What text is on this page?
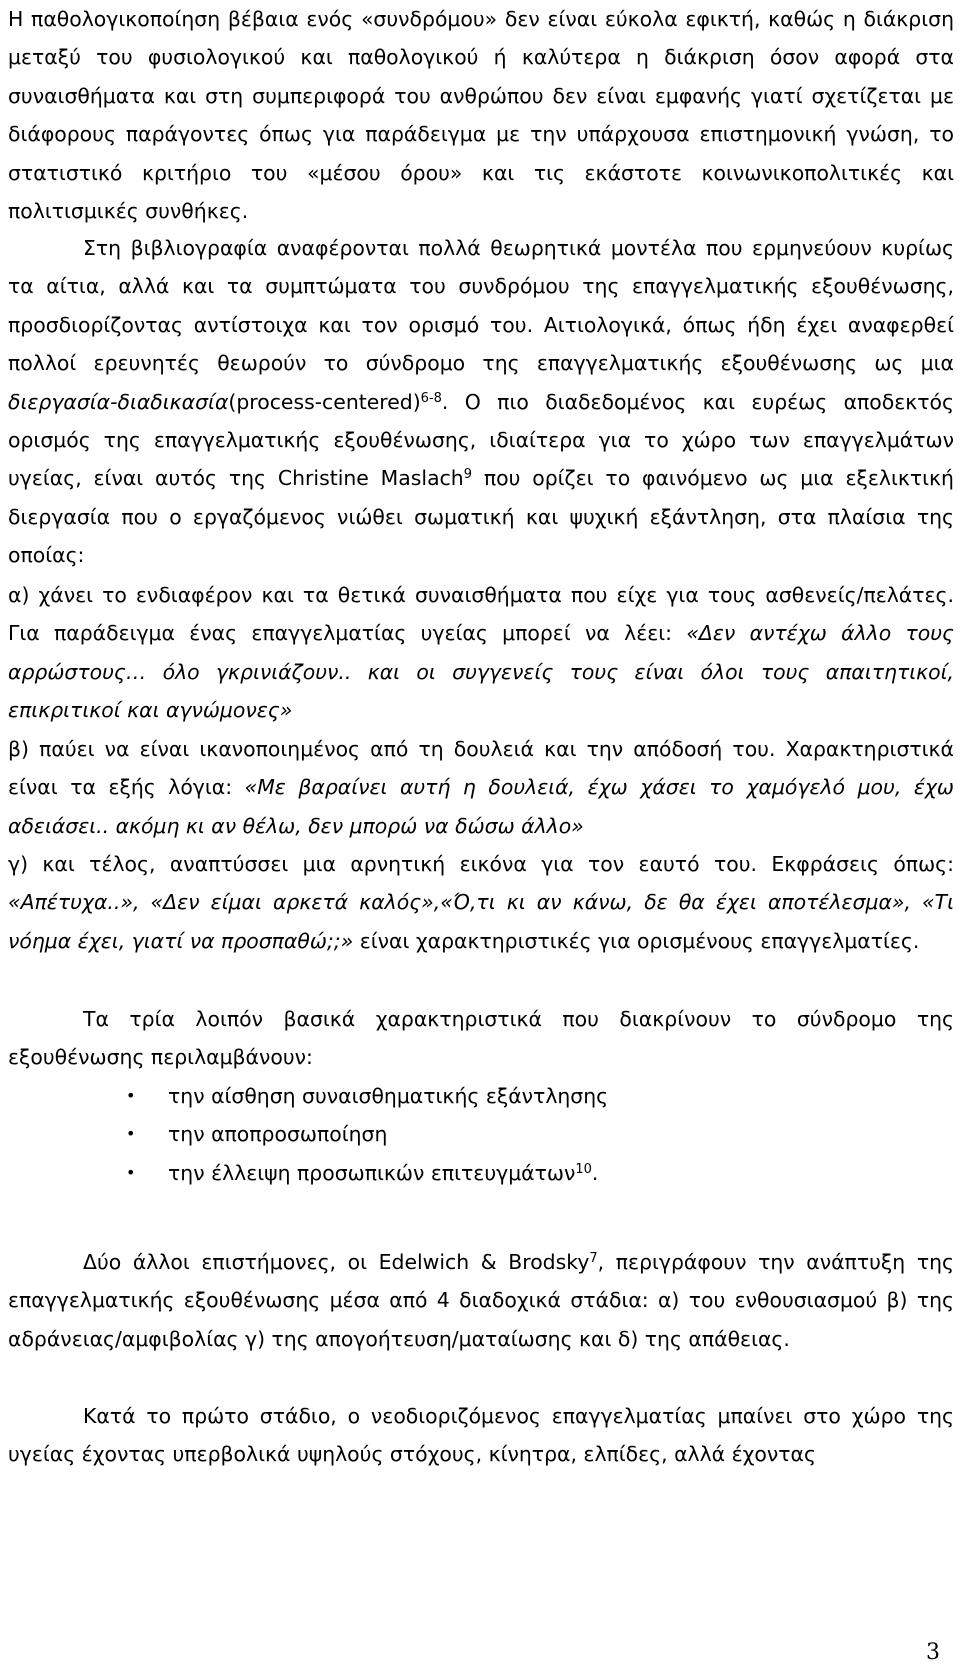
Η παθολογικοποίηση βέβαια ενός «συνδρόμου» δεν είναι εύκολα εφικτή, καθώς η διάκριση μεταξύ του φυσιολογικού και παθολογικού ή καλύτερα η διάκριση όσον αφορά στα συναισθήματα και στη συμπεριφορά του ανθρώπου δεν είναι εμφανής γιατί σχετίζεται με διάφορους παράγοντες όπως για παράδειγμα με την υπάρχουσα επιστημονική γνώση, το στατιστικό κριτήριο του «μέσου όρου» και τις εκάστοτε κοινωνικοπολιτικές και πολιτισμικές συνθήκες.

Στη βιβλιογραφία αναφέρονται πολλά θεωρητικά μοντέλα που ερμηνεύουν κυρίως τα αίτια, αλλά και τα συμπτώματα του συνδρόμου της επαγγελματικής εξουθένωσης, προσδιορίζοντας αντίστοιχα και τον ορισμό του. Αιτιολογικά, όπως ήδη έχει αναφερθεί πολλοί ερευνητές θεωρούν το σύνδρομο της επαγγελματικής εξουθένωσης ως μια διεργασία-διαδικασία(process-centered)$^{6-8}$. Ο πιο διαδεδομένος και ευρέως αποδεκτός ορισμός της επαγγελματικής εξουθένωσης, ιδιαίτερα για το χώρο των επαγγελμάτων υγείας, είναι αυτός της Christine Maslach$^9$ που ορίζει το φαινόμενο ως μια εξελικτική διεργασία που ο εργαζόμενος νιώθει σωματική και ψυχική εξάντληση, στα πλαίσια της οποίας:

α) χάνει το ενδιαφέρον και τα θετικά συναισθήματα που είχε για τους ασθενείς/πελάτες. Για παράδειγμα ένας επαγγελματίας υγείας μπορεί να λέει: «Δεν αντέχω άλλο τους αρρώστους… όλο γκρινιάζουν.. και οι συγγενείς τους είναι όλοι τους απαιτητικοί, επικριτικοί και αγνώμονες»

β) παύει να είναι ικανοποιημένος από τη δουλειά και την απόδοσή του. Χαρακτηριστικά είναι τα εξής λόγια: «Με βαραίνει αυτή η δουλειά, έχω χάσει το χαμόγελό μου, έχω αδειάσει.. ακόμη κι αν θέλω, δεν μπορώ να δώσω άλλο»

γ) και τέλος, αναπτύσσει μια αρνητική εικόνα για τον εαυτό του. Εκφράσεις όπως: «Απέτυχα..», «Δεν είμαι αρκετά καλός»,«Ό,τι κι αν κάνω, δε θα έχει αποτέλεσμα», «Τι νόημα έχει, γιατί να προσπαθώ;;» είναι χαρακτηριστικές για ορισμένους επαγγελματίες.

Τα τρία λοιπόν βασικά χαρακτηριστικά που διακρίνουν το σύνδρομο της εξουθένωσης περιλαμβάνουν:

• την αίσθηση συναισθηματικής εξάντλησης
• την αποπροσωποίηση
• την έλλειψη προσωπικών επιτευγμάτων$^{10}$.

Δύο άλλοι επιστήμονες, οι Edelwich & Brodsky$^7$, περιγράφουν την ανάπτυξη της επαγγελματικής εξουθένωσης μέσα από 4 διαδοχικά στάδια: α) του ενθουσιασμού β) της αδράνειας/αμφιβολίας γ) της απογοήτευση/ματαίωσης και δ) της απάθειας.

Κατά το πρώτο στάδιο, ο νεοδιοριζόμενος επαγγελματίας μπαίνει στο χώρο της υγείας έχοντας υπερβολικά υψηλούς στόχους, κίνητρα, ελπίδες, αλλά έχοντας

3
